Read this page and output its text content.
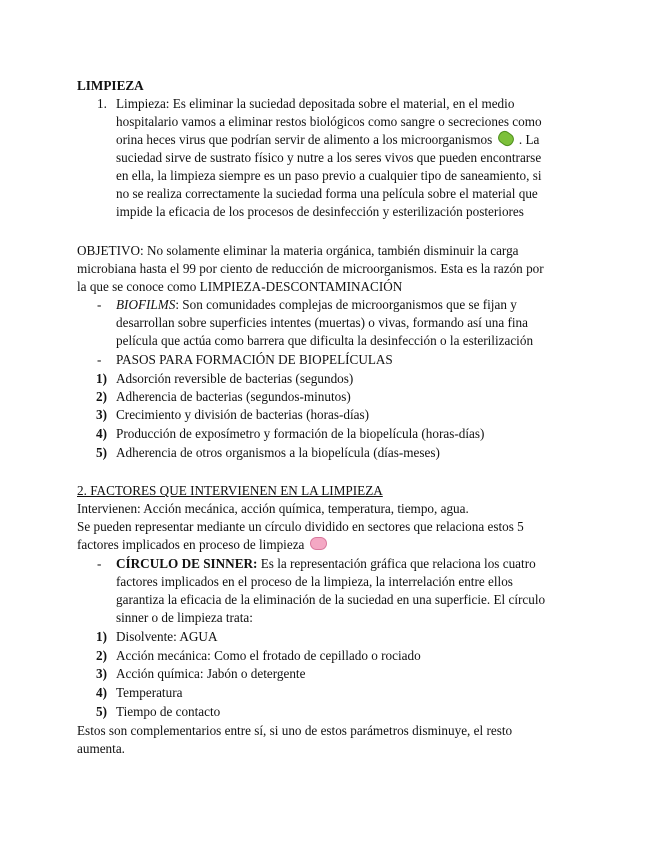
LIMPIEZA
1. Limpieza: Es eliminar la suciedad depositada sobre el material, en el medio
hospitalario vamos a eliminar restos biológicos como sangre o secreciones como
orina heces virus que podrían servir de alimento a los microorganismos . La
suciedad sirve de sustrato físico y nutre a los seres vivos que pueden encontrarse
en ella, la limpieza siempre es un paso previo a cualquier tipo de saneamiento, si
no se realiza correctamente la suciedad forma una película sobre el material que
impide la eficacia de los procesos de desinfección y esterilización posteriores
OBJETIVO: No solamente eliminar la materia orgánica, también disminuir la carga
microbiana hasta el 99 por ciento de reducción de microorganismos. Esta es la razón por
la que se conoce como LIMPIEZA-DESCONTAMINACIÓN
- BIOFILMS: Son comunidades complejas de microorganismos que se fijan y
desarrollan sobre superficies intentes (muertas) o vivas, formando así una fina
película que actúa como barrera que dificulta la desinfección o la esterilización
- PASOS PARA FORMACIÓN DE BIOPELÍCULAS
1) Adsorción reversible de bacterias (segundos)
2) Adherencia de bacterias (segundos-minutos)
3) Crecimiento y división de bacterias (horas-días)
4) Producción de exposímetro y formación de la biopelícula (horas-días)
5) Adherencia de otros organismos a la biopelícula (días-meses)
2. FACTORES QUE INTERVIENEN EN LA LIMPIEZA
Intervienen: Acción mecánica, acción química, temperatura, tiempo, agua.
Se pueden representar mediante un círculo dividido en sectores que relaciona estos 5
factores implicados en proceso de limpieza
- CÍRCULO DE SINNER: Es la representación gráfica que relaciona los cuatro
factores implicados en el proceso de la limpieza, la interrelación entre ellos
garantiza la eficacia de la eliminación de la suciedad en una superficie. El círculo
sinner o de limpieza trata:
1) Disolvente: AGUA
2) Acción mecánica: Como el frotado de cepillado o rociado
3) Acción química: Jabón o detergente
4) Temperatura
5) Tiempo de contacto
Estos son complementarios entre sí, si uno de estos parámetros disminuye, el resto
aumenta.
